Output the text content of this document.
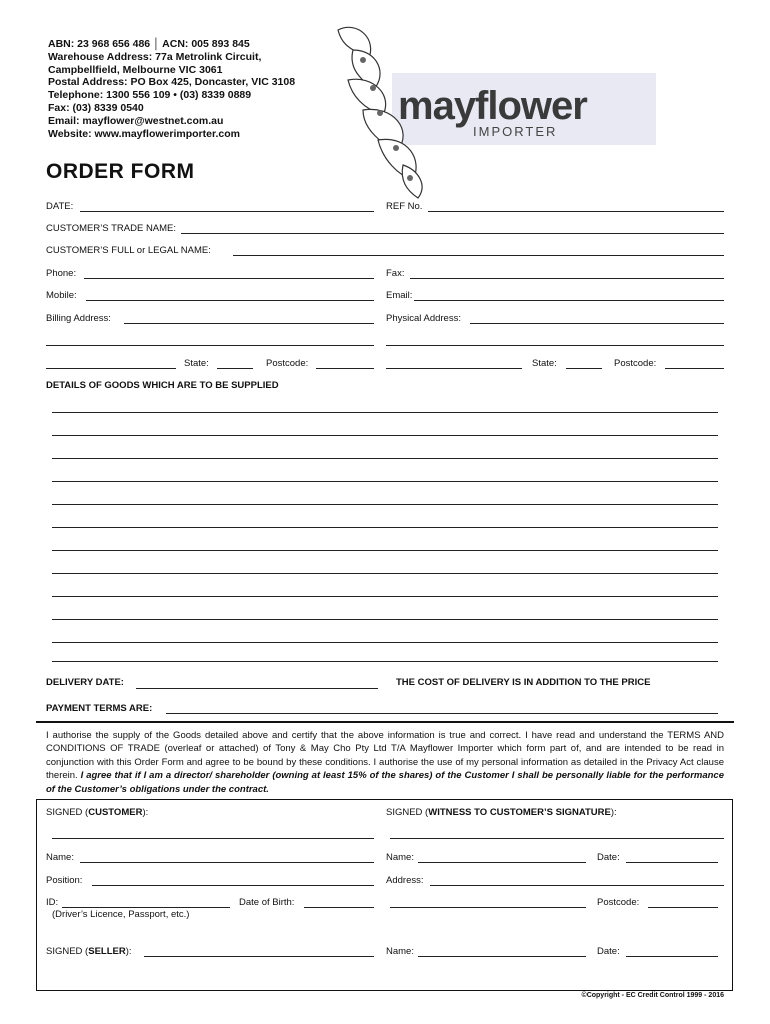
ABN: 23 968 656 486 │ ACN: 005 893 845
Warehouse Address: 77a Metrolink Circuit,
Campbellfield, Melbourne VIC 3061
Postal Address: PO Box 425, Doncaster, VIC 3108
Telephone: 1300 556 109 • (03) 8339 0889
Fax: (03) 8339 0540
Email: mayflower@westnet.com.au
Website: www.mayflowerimporter.com
mayflower
IMPORTER
ORDER FORM
DATE:	REF No.
CUSTOMER’S TRADE NAME:
CUSTOMER’S FULL or LEGAL NAME:
Phone:	Fax:
Mobile:	Email:
Billing Address:	Physical Address:
State:	Postcode:	State:	Postcode:
DETAILS OF GOODS WHICH ARE TO BE SUPPLIED
DELIVERY DATE:	THE COST OF DELIVERY IS IN ADDITION TO THE PRICE
PAYMENT TERMS ARE:
I authorise the supply of the Goods detailed above and certify that the above information is true and correct. I have read and understand the TERMS AND CONDITIONS OF TRADE (overleaf or attached) of Tony & May Cho Pty Ltd T/A Mayflower Importer which form part of, and are intended to be read in conjunction with this Order Form and agree to be bound by these conditions. I authorise the use of my personal information as detailed in the Privacy Act clause therein. I agree that if I am a director/ shareholder (owning at least 15% of the shares) of the Customer I shall be personally liable for the performance of the Customer’s obligations under the contract.
SIGNED (CUSTOMER):	SIGNED (WITNESS TO CUSTOMER’S SIGNATURE):
Name:	Name:	Date:
Position:	Address:
ID:	Date of Birth:	Postcode:
(Driver’s Licence, Passport, etc.)
SIGNED (SELLER):	Name:	Date:
©Copyright - EC Credit Control 1999 - 2016
